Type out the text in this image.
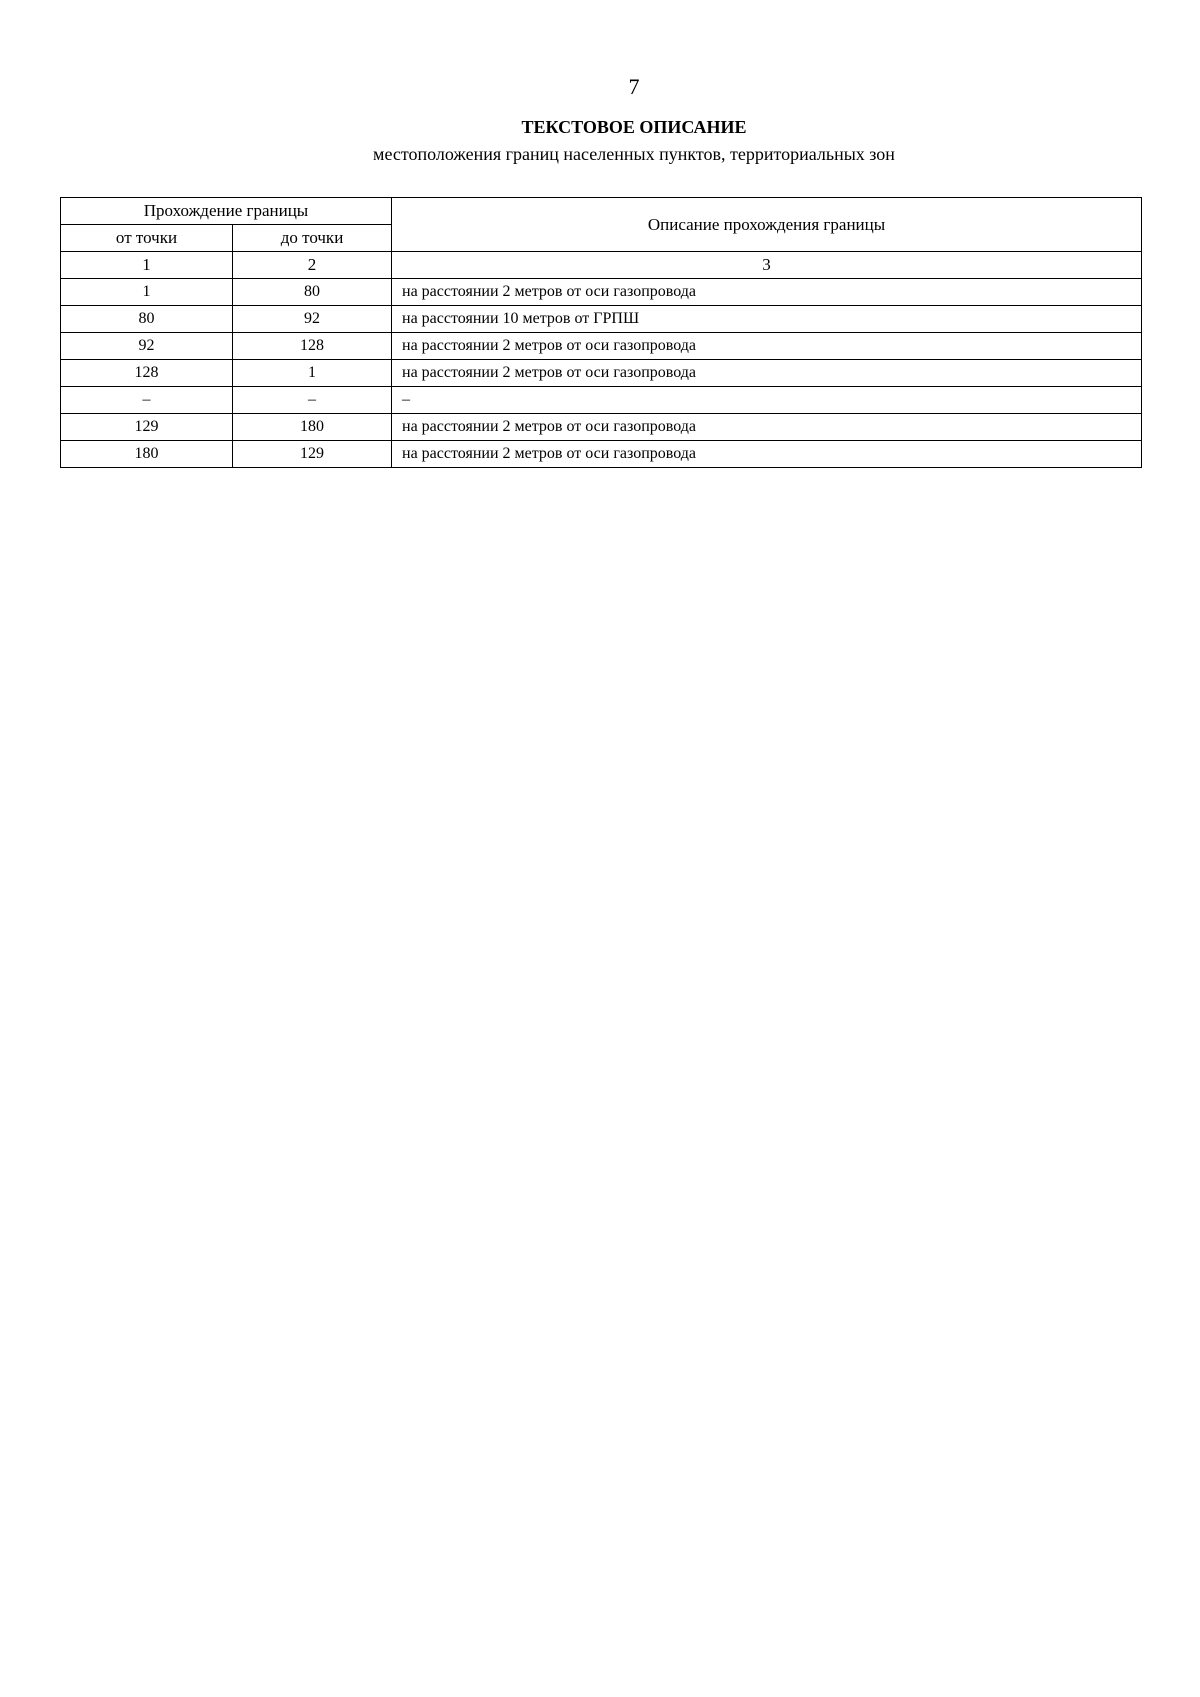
7
ТЕКСТОВОЕ ОПИСАНИЕ
местоположения границ населенных пунктов, территориальных зон
Прохождение границы		Описание прохождения границы
от точки	до точки	
1	2	3
1	80	на расстоянии 2 метров от оси газопровода
80	92	на расстоянии 10 метров от ГРПШ
92	128	на расстоянии 2 метров от оси газопровода
128	1	на расстоянии 2 метров от оси газопровода
–	–	–
129	180	на расстоянии 2 метров от оси газопровода
180	129	на расстоянии 2 метров от оси газопровода
